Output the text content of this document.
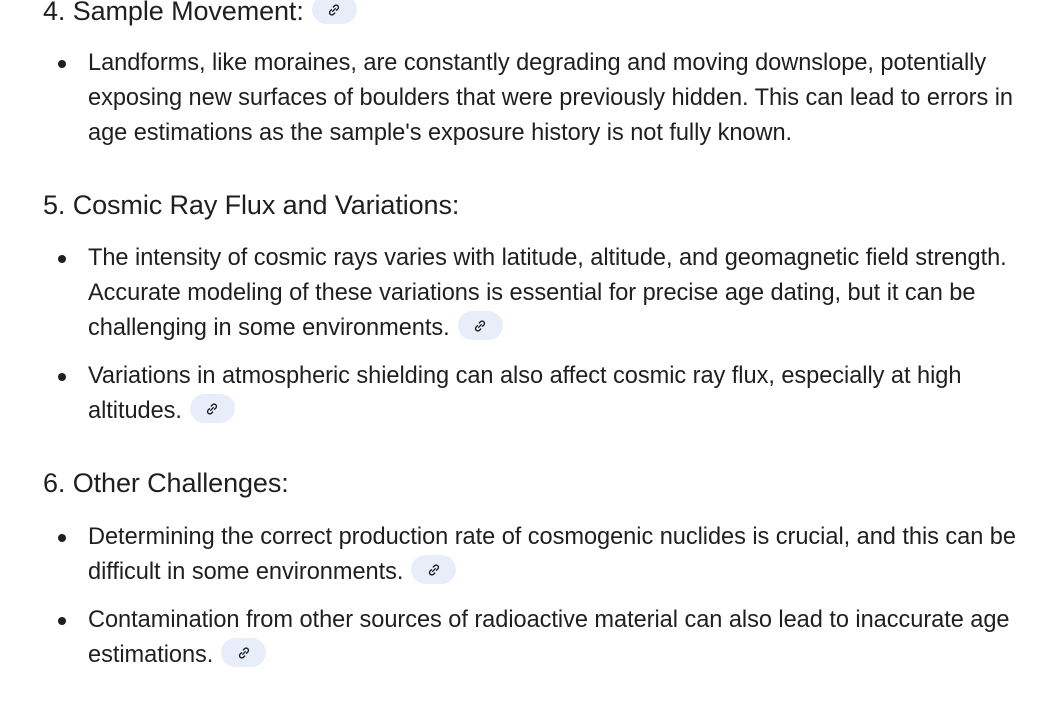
4. Sample Movement:
Landforms, like moraines, are constantly degrading and moving downslope, potentially exposing new surfaces of boulders that were previously hidden. This can lead to errors in age estimations as the sample's exposure history is not fully known.
5. Cosmic Ray Flux and Variations:
The intensity of cosmic rays varies with latitude, altitude, and geomagnetic field strength. Accurate modeling of these variations is essential for precise age dating, but it can be challenging in some environments.
Variations in atmospheric shielding can also affect cosmic ray flux, especially at high altitudes.
6. Other Challenges:
Determining the correct production rate of cosmogenic nuclides is crucial, and this can be difficult in some environments.
Contamination from other sources of radioactive material can also lead to inaccurate age estimations.
